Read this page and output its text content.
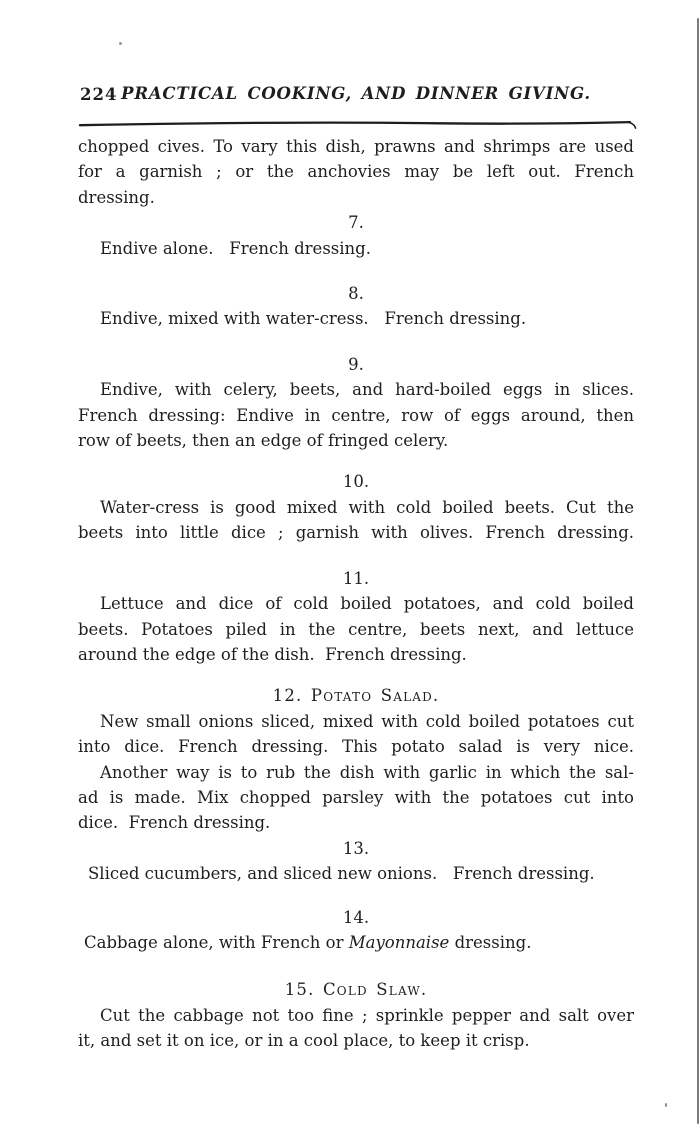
224 PRACTICAL COOKING, AND DINNER GIVING.
chopped cives. To vary this dish, prawns and shrimps are used
for a garnish ; or the anchovies may be left out. French
dressing.
7.
Endive alone.   French dressing.
8.
Endive, mixed with water-cress.   French dressing.
9.
Endive, with celery, beets, and hard-boiled eggs in slices.
French dressing: Endive in centre, row of eggs around, then
row of beets, then an edge of fringed celery.
10.
Water-cress is good mixed with cold boiled beets. Cut the
beets into little dice ; garnish with olives. French dressing.
11.
Lettuce and dice of cold boiled potatoes, and cold boiled
beets. Potatoes piled in the centre, beets next, and lettuce
around the edge of the dish.  French dressing.
12. Potato Salad.
New small onions sliced, mixed with cold boiled potatoes cut
into dice. French dressing. This potato salad is very nice.
Another way is to rub the dish with garlic in which the sal-
ad is made. Mix chopped parsley with the potatoes cut into
dice.  French dressing.
13.
Sliced cucumbers, and sliced new onions.   French dressing.
14.
Cabbage alone, with French or Mayonnaise dressing.
15. Cold Slaw.
Cut the cabbage not too fine ; sprinkle pepper and salt over
it, and set it on ice, or in a cool place, to keep it crisp.
